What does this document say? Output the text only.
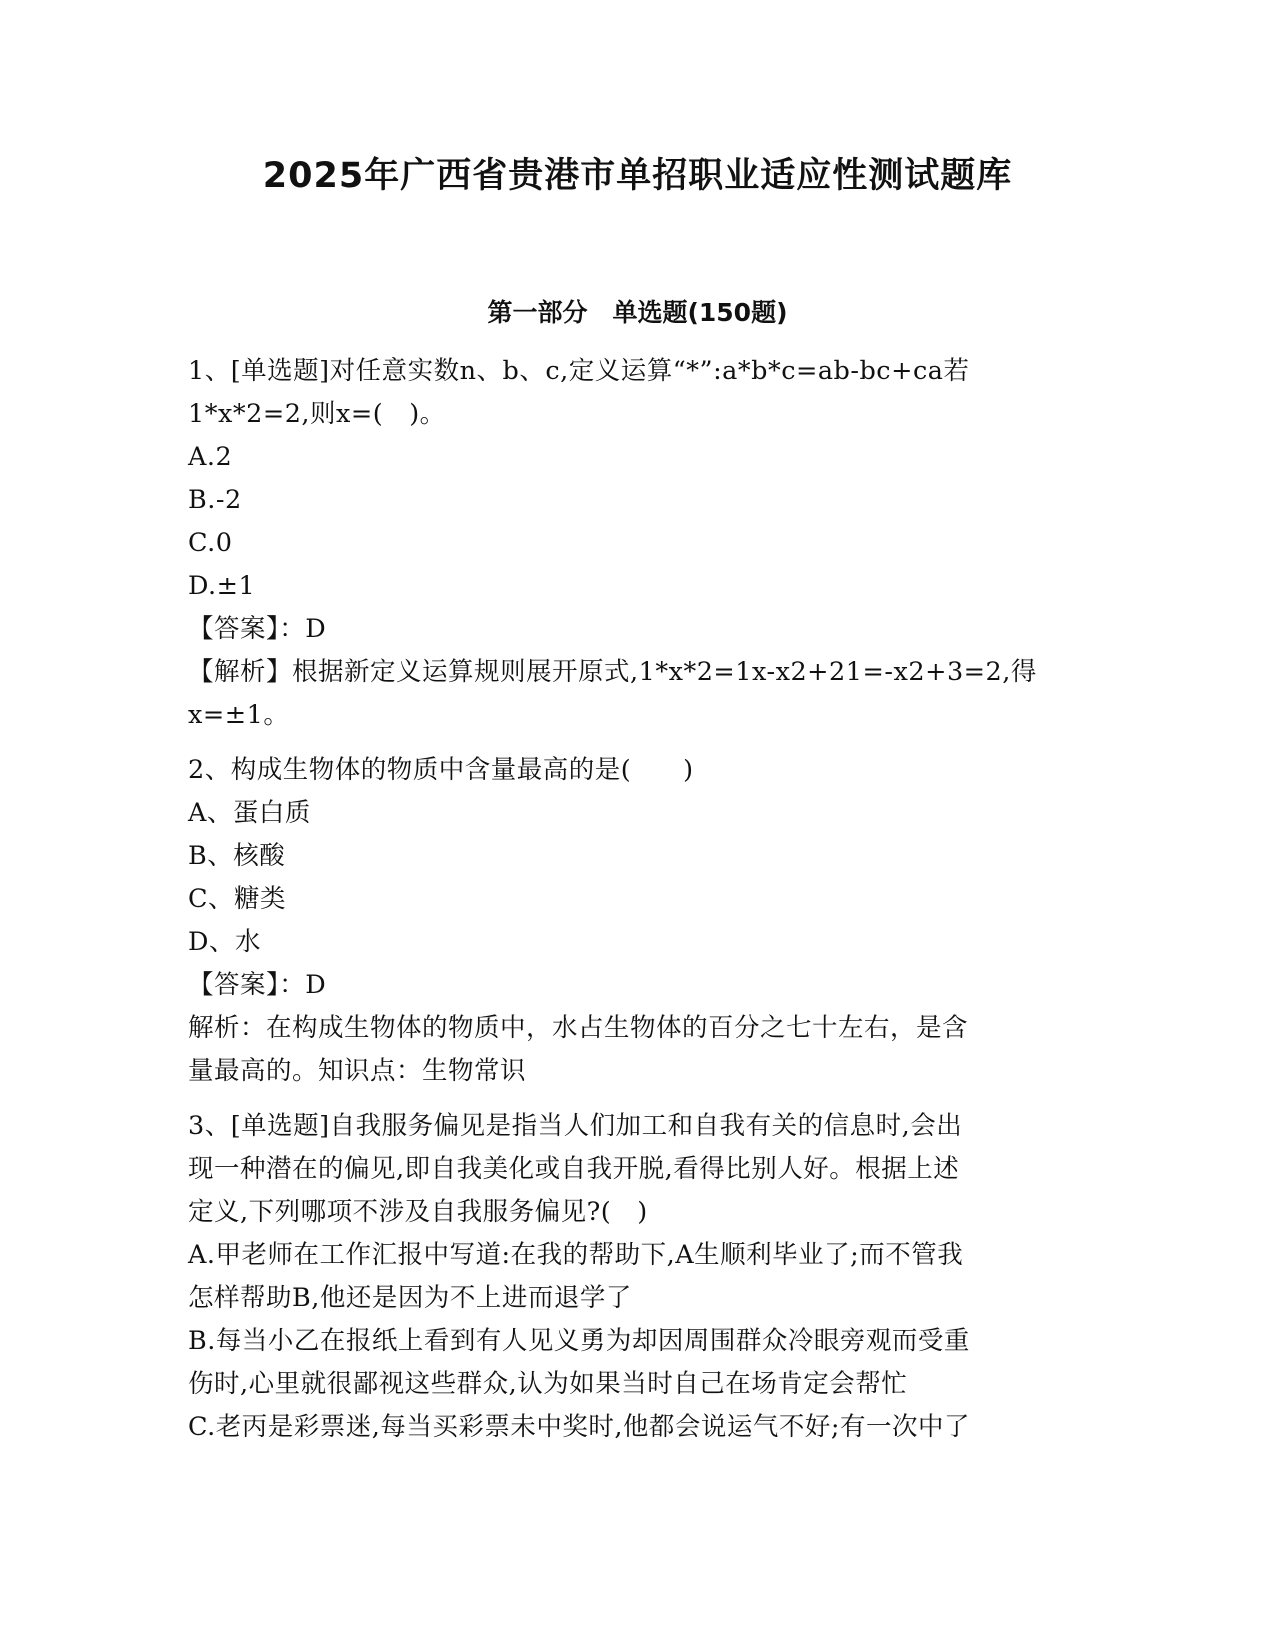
2025年广西省贵港市单招职业适应性测试题库
第一部分　单选题(150题)
1、[单选题]对任意实数n、b、c,定义运算“*”:a*b*c=ab-bc+ca若
1*x*2=2,则x=(　)。
A.2
B.-2
C.0
D.±1
【答案】：D
【解析】根据新定义运算规则展开原式,1*x*2=1x-x2+21=-x2+3=2,得
x=±1。
2、构成生物体的物质中含量最高的是(　　)
A、蛋白质
B、核酸
C、糖类
D、水
【答案】：D
解析：在构成生物体的物质中，水占生物体的百分之七十左右，是含
量最高的。知识点：生物常识
3、[单选题]自我服务偏见是指当人们加工和自我有关的信息时,会出
现一种潜在的偏见,即自我美化或自我开脱,看得比别人好。根据上述
定义,下列哪项不涉及自我服务偏见?(　)
A.甲老师在工作汇报中写道:在我的帮助下,A生顺利毕业了;而不管我
怎样帮助B,他还是因为不上进而退学了
B.每当小乙在报纸上看到有人见义勇为却因周围群众冷眼旁观而受重
伤时,心里就很鄙视这些群众,认为如果当时自己在场肯定会帮忙
C.老丙是彩票迷,每当买彩票未中奖时,他都会说运气不好;有一次中了
